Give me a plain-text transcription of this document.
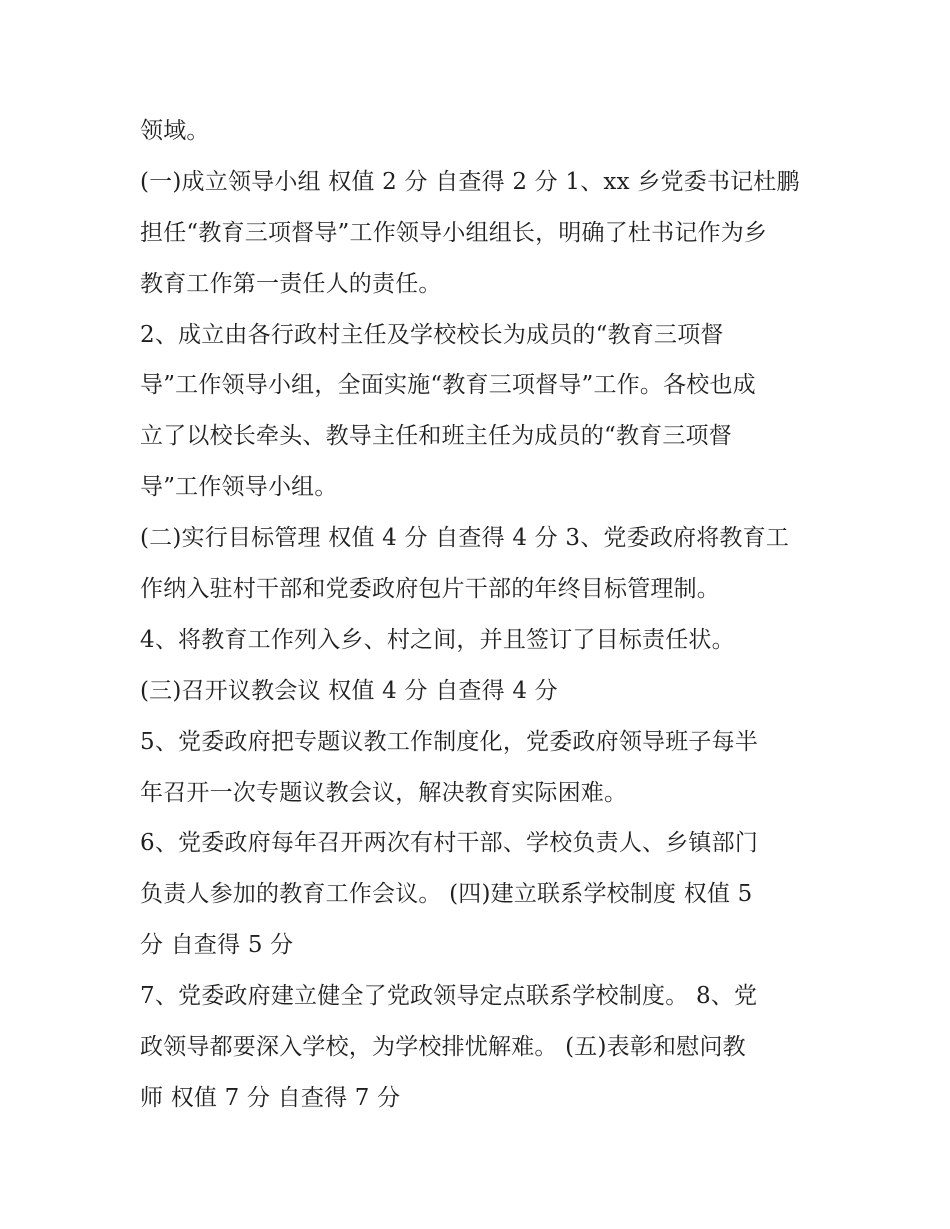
领域。
(一)成立领导小组 权值 2 分 自查得 2 分 1、xx 乡党委书记杜鹏
担任“教育三项督导”工作领导小组组长，明确了杜书记作为乡
教育工作第一责任人的责任。
2、成立由各行政村主任及学校校长为成员的“教育三项督
导”工作领导小组，全面实施“教育三项督导”工作。各校也成
立了以校长牵头、教导主任和班主任为成员的“教育三项督
导”工作领导小组。
(二)实行目标管理 权值 4 分 自查得 4 分 3、党委政府将教育工
作纳入驻村干部和党委政府包片干部的年终目标管理制。
4、将教育工作列入乡、村之间，并且签订了目标责任状。
(三)召开议教会议 权值 4 分 自查得 4 分
5、党委政府把专题议教工作制度化，党委政府领导班子每半
年召开一次专题议教会议，解决教育实际困难。
6、党委政府每年召开两次有村干部、学校负责人、乡镇部门
负责人参加的教育工作会议。 (四)建立联系学校制度 权值 5
分 自查得 5 分
7、党委政府建立健全了党政领导定点联系学校制度。 8、党
政领导都要深入学校，为学校排忧解难。 (五)表彰和慰问教
师 权值 7 分 自查得 7 分
